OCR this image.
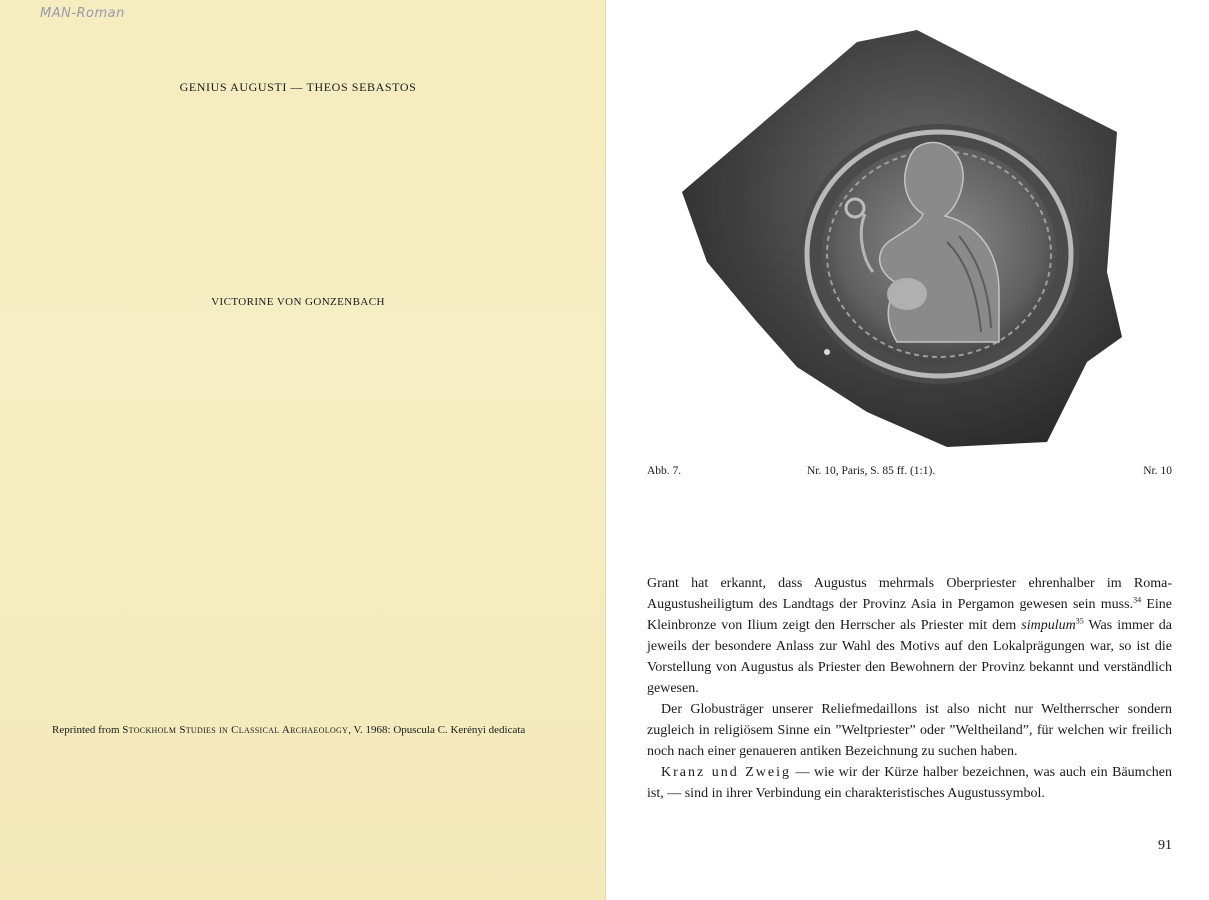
MAN-Roman
GENIUS AUGUSTI — THEOS SEBASTOS
VICTORINE VON GONZENBACH
Reprinted from Stockholm Studies in Classical Archaeology, V. 1968: Opuscula C. Kerényi dedicata
Abb. 7.	Nr. 10, Paris, S. 85 ff. (1:1).	Nr. 10

Grant hat erkannt, dass Augustus mehrmals Oberpriester ehrenhalber im Roma-Augustusheiligtum des Landtags der Provinz Asia in Pergamon gewesen sein muss.$^{34}$ Eine Kleinbronze von Ilium zeigt den Herrscher als Priester mit dem simpulum$^{35}$ Was immer da jeweils der besondere Anlass zur Wahl des Motivs auf den Lokalprägungen war, so ist die Vorstellung von Augustus als Priester den Bewohnern der Provinz bekannt und verständlich gewesen.

Der Globusträger unserer Reliefmedaillons ist also nicht nur Weltherrscher sondern zugleich in religiösem Sinne ein ”Weltpriester” oder ”Weltheiland”, für welchen wir freilich noch nach einer genaueren antiken Bezeichnung zu suchen haben.

Kranz und Zweig — wie wir der Kürze halber bezeichnen, was auch ein Bäumchen ist, — sind in ihrer Verbindung ein charakteristisches Augustussymbol.

91
